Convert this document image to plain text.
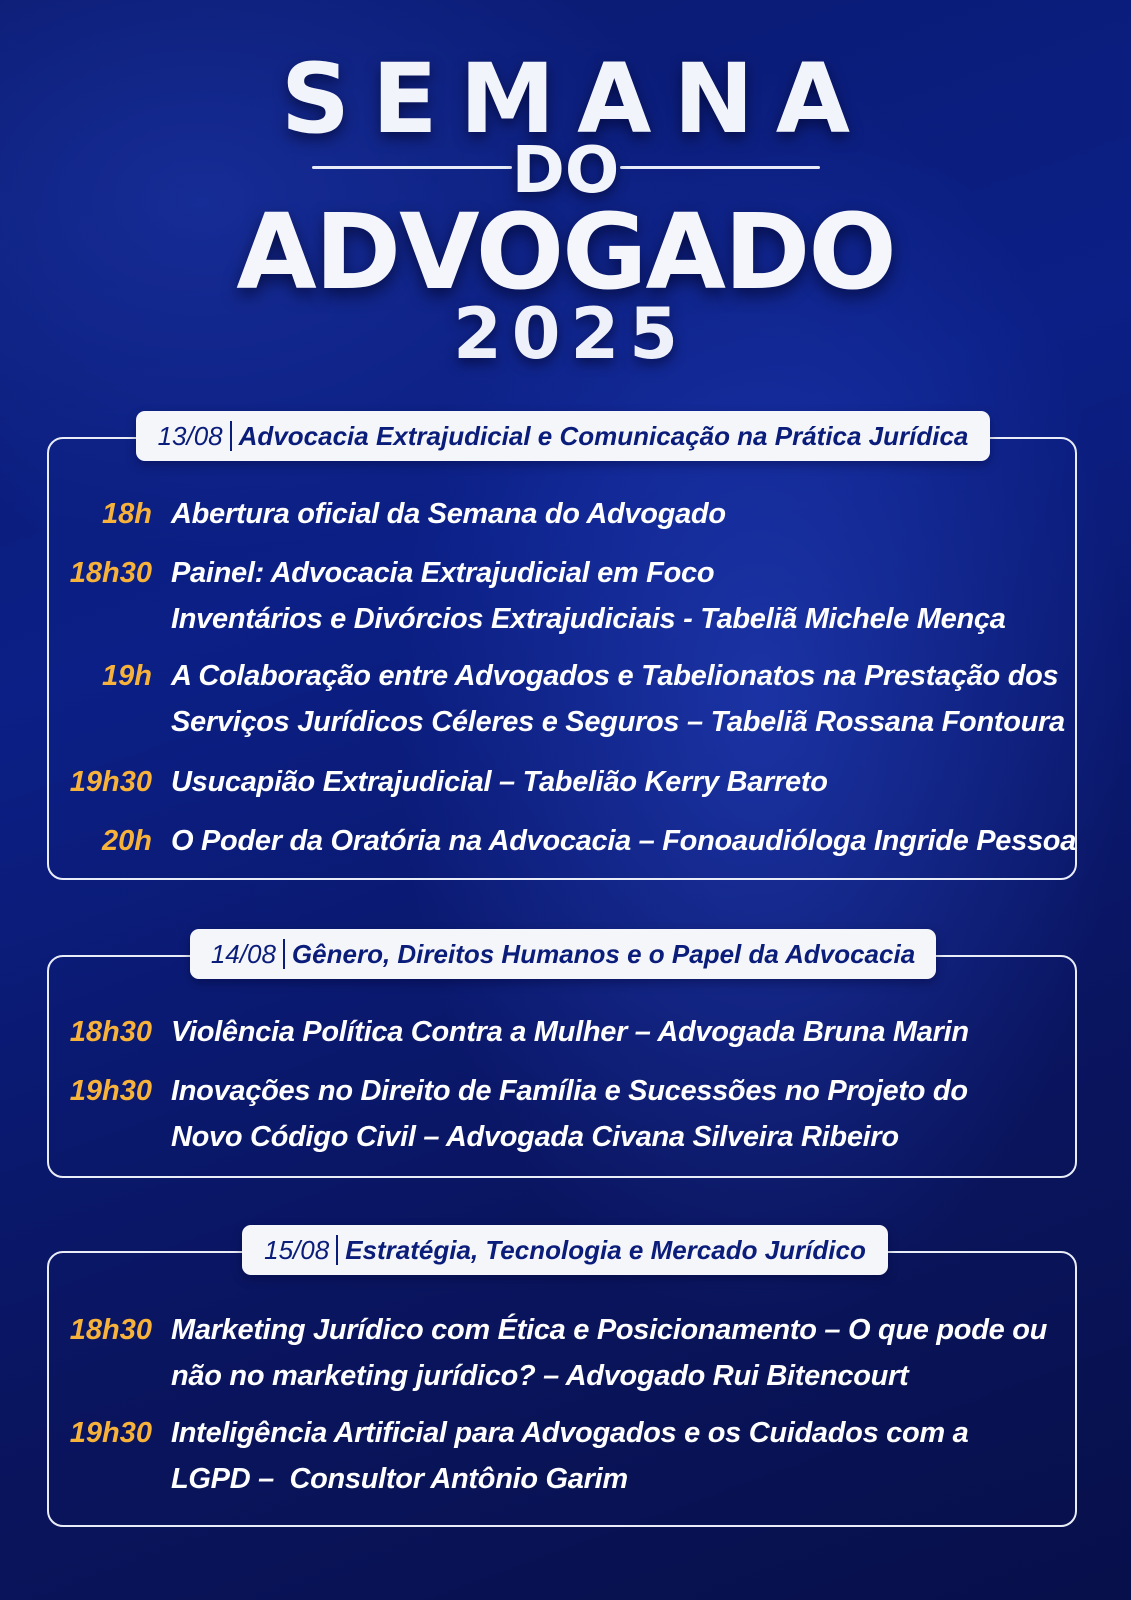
SEMANA
DO
ADVOGADO
2025
18h Abertura oficial da Semana do Advogado
18h30 Painel: Advocacia Extrajudicial em Foco
Inventários e Divórcios Extrajudiciais - Tabeliã Michele Mença
19h A Colaboração entre Advogados e Tabelionatos na Prestação dos
Serviços Jurídicos Céleres e Seguros – Tabeliã Rossana Fontoura
19h30 Usucapião Extrajudicial – Tabelião Kerry Barreto
20h O Poder da Oratória na Advocacia – Fonoaudióloga Ingride Pessoa
13/08 Advocacia Extrajudicial e Comunicação na Prática Jurídica
18h30 Violência Política Contra a Mulher – Advogada Bruna Marin
19h30 Inovações no Direito de Família e Sucessões no Projeto do
Novo Código Civil – Advogada Civana Silveira Ribeiro
14/08 Gênero, Direitos Humanos e o Papel da Advocacia
18h30 Marketing Jurídico com Ética e Posicionamento – O que pode ou
não no marketing jurídico? – Advogado Rui Bitencourt
19h30 Inteligência Artificial para Advogados e os Cuidados com a
LGPD –  Consultor Antônio Garim
15/08 Estratégia, Tecnologia e Mercado Jurídico
